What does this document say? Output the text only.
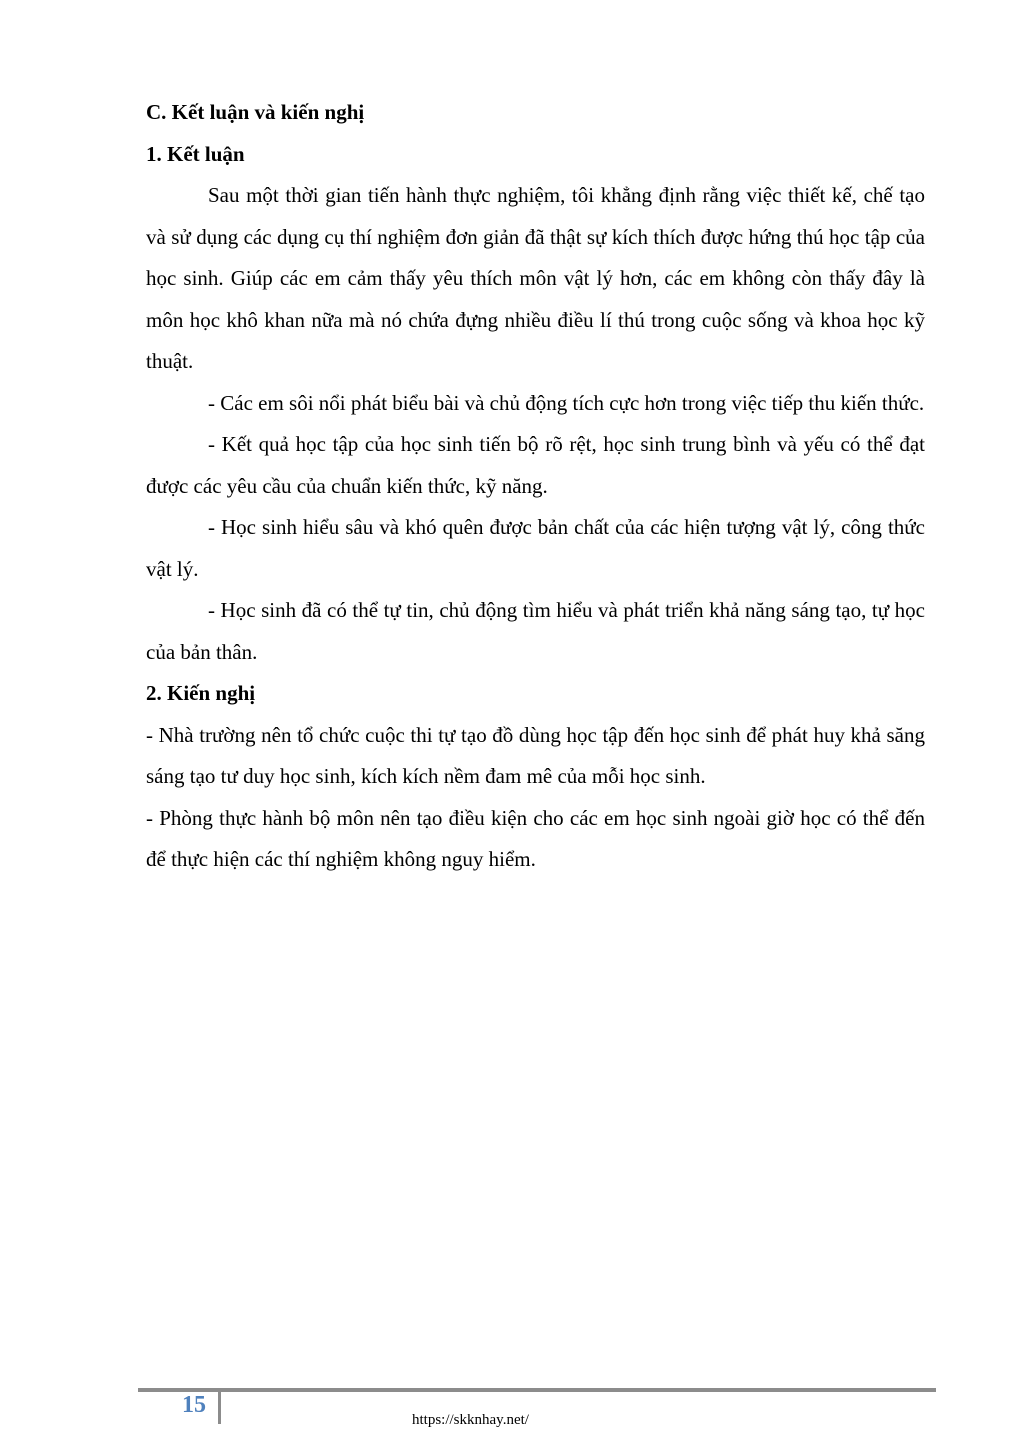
C. Kết luận và kiến nghị

1. Kết luận

Sau một thời gian tiến hành thực nghiệm, tôi khẳng định rằng việc thiết kế, chế tạo và sử dụng các dụng cụ thí nghiệm đơn giản đã thật sự kích thích được hứng thú học tập của học sinh. Giúp các em cảm thấy yêu thích môn vật lý hơn, các em không còn thấy đây là môn học khô khan nữa mà nó chứa đựng nhiều điều lí thú trong cuộc sống và khoa học kỹ thuật.

- Các em sôi nổi phát biểu bài và chủ động tích cực hơn trong việc tiếp thu kiến thức.

- Kết quả học tập của học sinh tiến bộ rõ rệt, học sinh trung bình và yếu có thể đạt được các yêu cầu của chuẩn kiến thức, kỹ năng.

- Học sinh hiểu sâu và khó quên được bản chất của các hiện tượng vật lý, công thức vật lý.

- Học sinh đã có thể tự tin, chủ động tìm hiểu và phát triển khả năng sáng tạo, tự học của bản thân.

2. Kiến nghị

- Nhà trường nên tổ chức cuộc thi tự tạo đồ dùng học tập đến học sinh để phát huy khả săng sáng tạo tư duy học sinh, kích kích nềm đam mê của mỗi học sinh.

- Phòng thực hành bộ môn nên tạo điều kiện cho các em học sinh ngoài giờ học có thể đến để thực hiện các thí nghiệm không nguy hiểm.

15
https://skknhay.net/
